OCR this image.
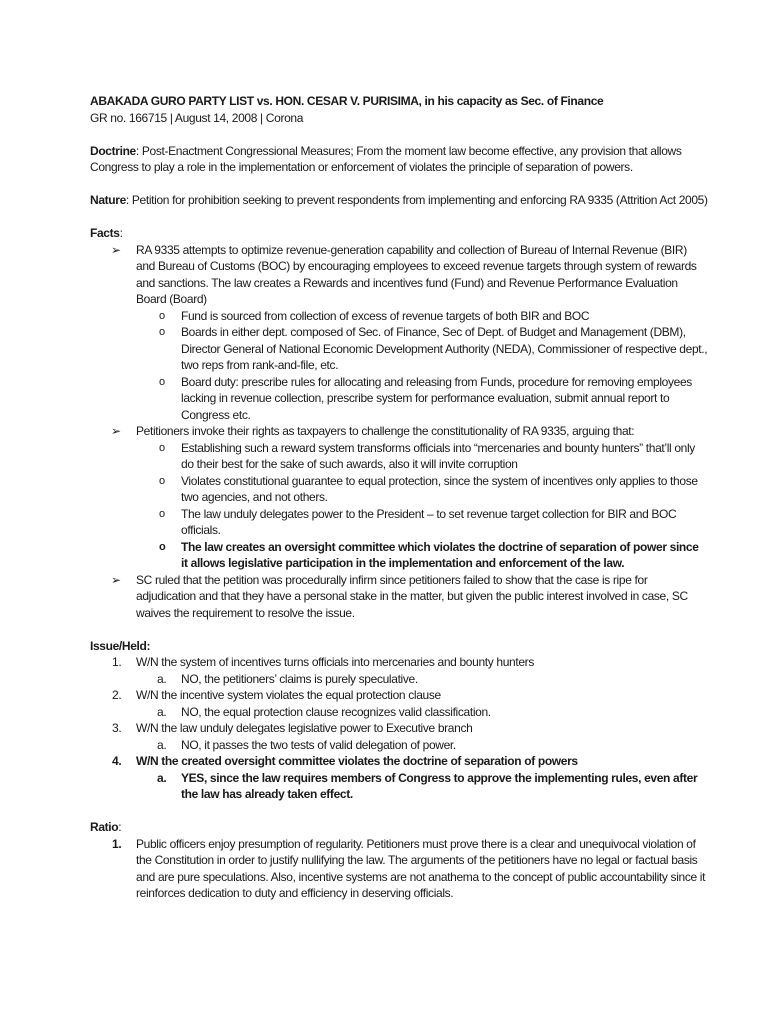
ABAKADA GURO PARTY LIST vs. HON. CESAR V. PURISIMA, in his capacity as Sec. of Finance

GR no. 166715 | August 14, 2008 | Corona

Doctrine: Post-Enactment Congressional Measures; From the moment law become effective, any provision that allows Congress to play a role in the implementation or enforcement of violates the principle of separation of powers.

Nature: Petition for prohibition seeking to prevent respondents from implementing and enforcing RA 9335 (Attrition Act 2005)

Facts:

➢ RA 9335 attempts to optimize revenue-generation capability and collection of Bureau of Internal Revenue (BIR) and Bureau of Customs (BOC) by encouraging employees to exceed revenue targets through system of rewards and sanctions. The law creates a Rewards and incentives fund (Fund) and Revenue Performance Evaluation Board (Board)
o Fund is sourced from collection of excess of revenue targets of both BIR and BOC
o Boards in either dept. composed of Sec. of Finance, Sec of Dept. of Budget and Management (DBM), Director General of National Economic Development Authority (NEDA), Commissioner of respective dept., two reps from rank-and-file, etc.
o Board duty: prescribe rules for allocating and releasing from Funds, procedure for removing employees lacking in revenue collection, prescribe system for performance evaluation, submit annual report to Congress etc.
➢ Petitioners invoke their rights as taxpayers to challenge the constitutionality of RA 9335, arguing that:
o Establishing such a reward system transforms officials into “mercenaries and bounty hunters” that’ll only do their best for the sake of such awards, also it will invite corruption
o Violates constitutional guarantee to equal protection, since the system of incentives only applies to those two agencies, and not others.
o The law unduly delegates power to the President – to set revenue target collection for BIR and BOC officials.
o The law creates an oversight committee which violates the doctrine of separation of power since it allows legislative participation in the implementation and enforcement of the law.
➢ SC ruled that the petition was procedurally infirm since petitioners failed to show that the case is ripe for adjudication and that they have a personal stake in the matter, but given the public interest involved in case, SC waives the requirement to resolve the issue.

Issue/Held:

1. W/N the system of incentives turns officials into mercenaries and bounty hunters
a. NO, the petitioners’ claims is purely speculative.
2. W/N the incentive system violates the equal protection clause
a. NO, the equal protection clause recognizes valid classification.
3. W/N the law unduly delegates legislative power to Executive branch
a. NO, it passes the two tests of valid delegation of power.
4. W/N the created oversight committee violates the doctrine of separation of powers
a. YES, since the law requires members of Congress to approve the implementing rules, even after the law has already taken effect.

Ratio:

1. Public officers enjoy presumption of regularity. Petitioners must prove there is a clear and unequivocal violation of the Constitution in order to justify nullifying the law. The arguments of the petitioners have no legal or factual basis and are pure speculations. Also, incentive systems are not anathema to the concept of public accountability since it reinforces dedication to duty and efficiency in deserving officials.
